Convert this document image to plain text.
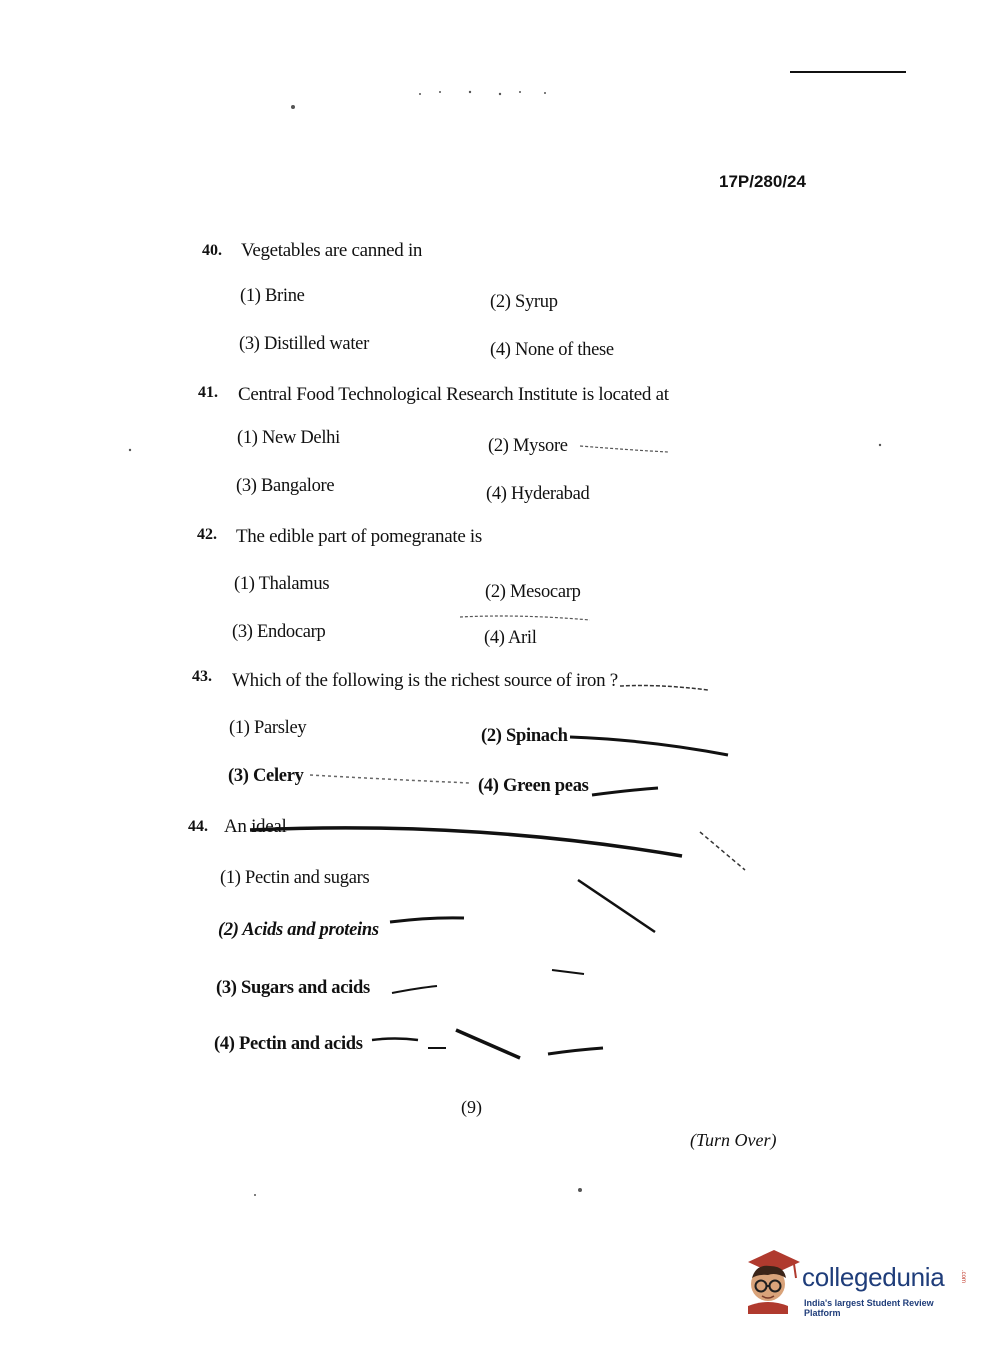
17P/280/24
40. Vegetables are canned in
(1) Brine	(2) Syrup
(3) Distilled water	(4) None of these
41. Central Food Technological Research Institute is located at
(1) New Delhi	(2) Mysore
(3) Bangalore	(4) Hyderabad
42. The edible part of pomegranate is
(1) Thalamus	(2) Mesocarp
(3) Endocarp	(4) Aril
43. Which of the following is the richest source of iron ?
(1) Parsley	(2) Spinach
(3) Celery	(4) Green peas
44. An ideal
(1) Pectin and sugars
(2) Acids and proteins
(3) Sugars and acids
(4) Pectin and acids
(9)
(Turn Over)
collegedunia	.com
India's largest Student Review Platform
